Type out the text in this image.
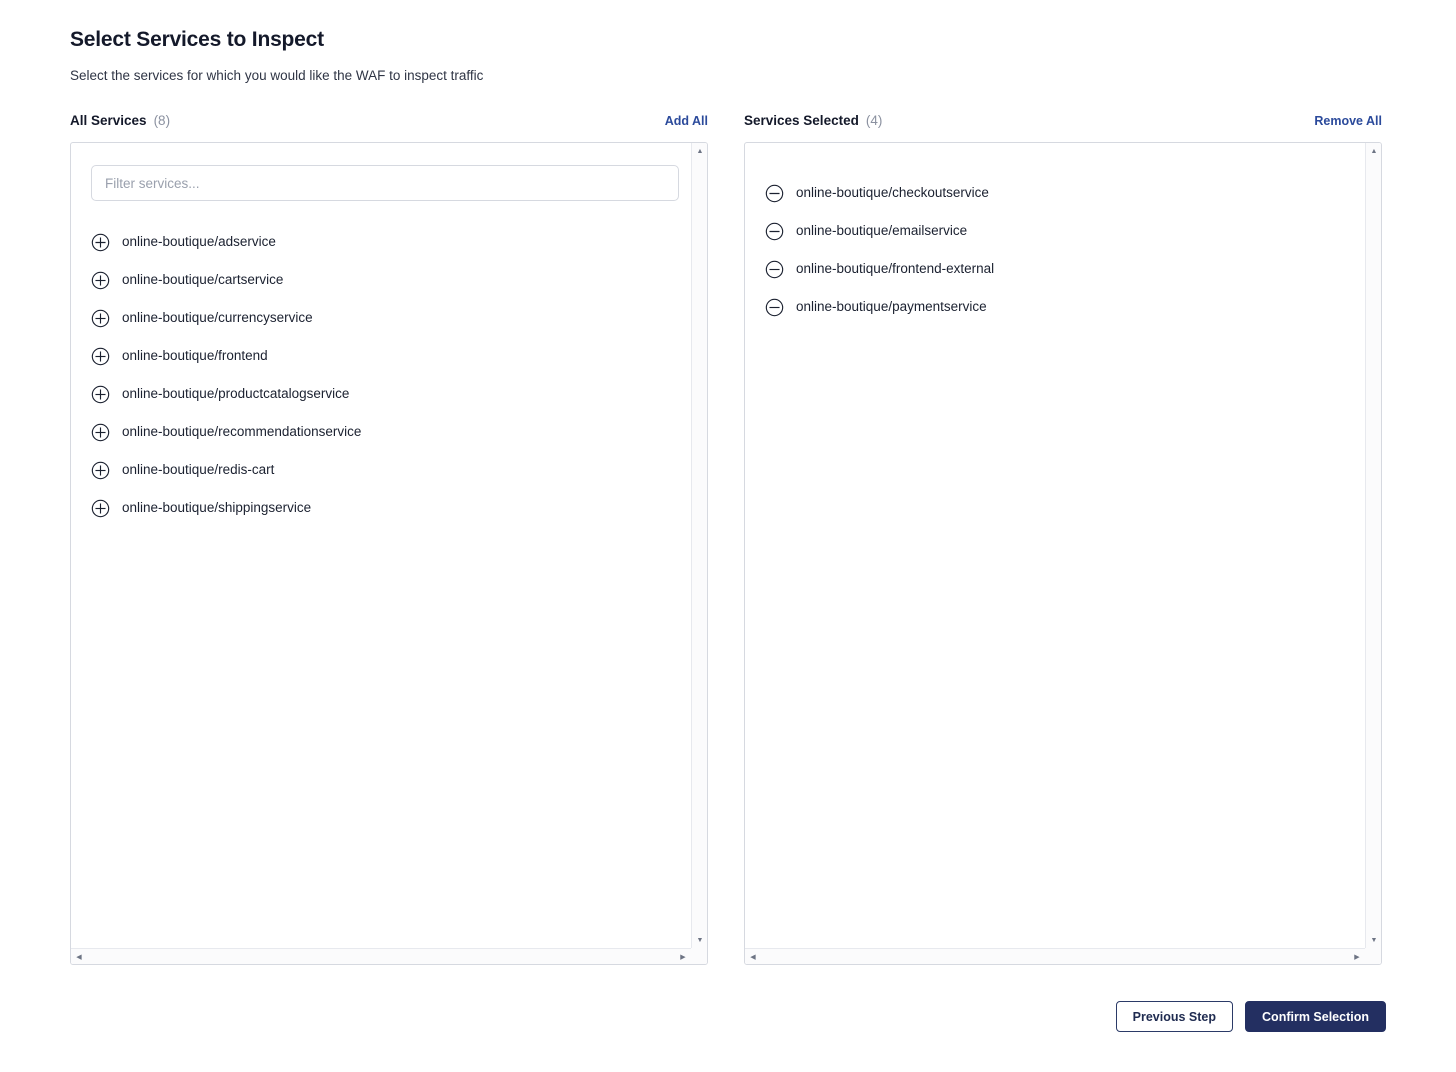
Select Services to Inspect

Select the services for which you would like the WAF to inspect traffic

All Services (8)	Add All
Filter services...
online-boutique/adservice
online-boutique/cartservice
online-boutique/currencyservice
online-boutique/frontend
online-boutique/productcatalogservice
online-boutique/recommendationservice
online-boutique/redis-cart
online-boutique/shippingservice
▲
▼
◀	▶
Services Selected (4)	Remove All
online-boutique/checkoutservice
online-boutique/emailservice
online-boutique/frontend-external
online-boutique/paymentservice
▲
▼
◀	▶
Previous Step	Confirm Selection
